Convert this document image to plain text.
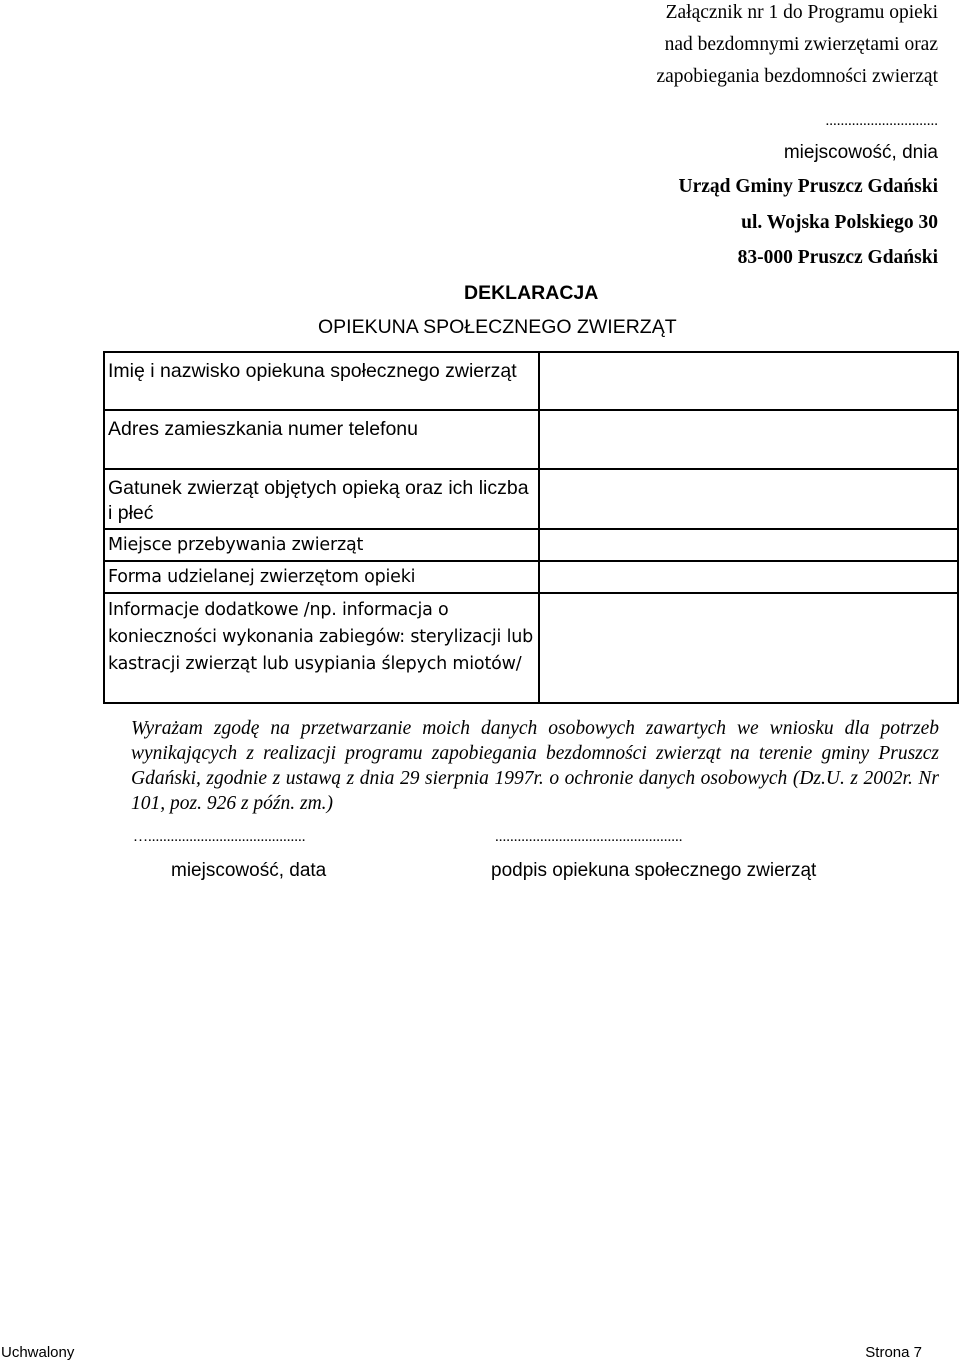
Załącznik nr 1 do Programu opieki
nad bezdomnymi zwierzętami oraz
zapobiegania bezdomności zwierząt
..............................
miejscowość, dnia
Urząd Gminy Pruszcz Gdański
ul. Wojska Polskiego 30
83-000 Pruszcz Gdański
DEKLARACJA
OPIEKUNA SPOŁECZNEGO ZWIERZĄT
Imię i nazwisko opiekuna społecznego zwierząt	
Adres zamieszkania numer telefonu	
Gatunek zwierząt objętych opieką oraz ich liczba i płeć	
Miejsce przebywania zwierząt	
Forma udzielanej zwierzętom opieki	
Informacje dodatkowe /np. informacja o konieczności wykonania zabiegów: sterylizacji lub kastracji zwierząt lub usypiania ślepych miotów/	
Wyrażam zgodę na przetwarzanie moich danych osobowych zawartych we wniosku dla potrzeb wynikających z realizacji programu zapobiegania bezdomności zwierząt na terenie gminy Pruszcz Gdański, zgodnie z ustawą z dnia 29 sierpnia 1997r. o ochronie danych osobowych (Dz.U. z 2002r. Nr 101, poz. 926 z późn. zm.)
…..........................................	..................................................
miejscowość, data	podpis opiekuna społecznego zwierząt
Uchwalony	Strona 7
